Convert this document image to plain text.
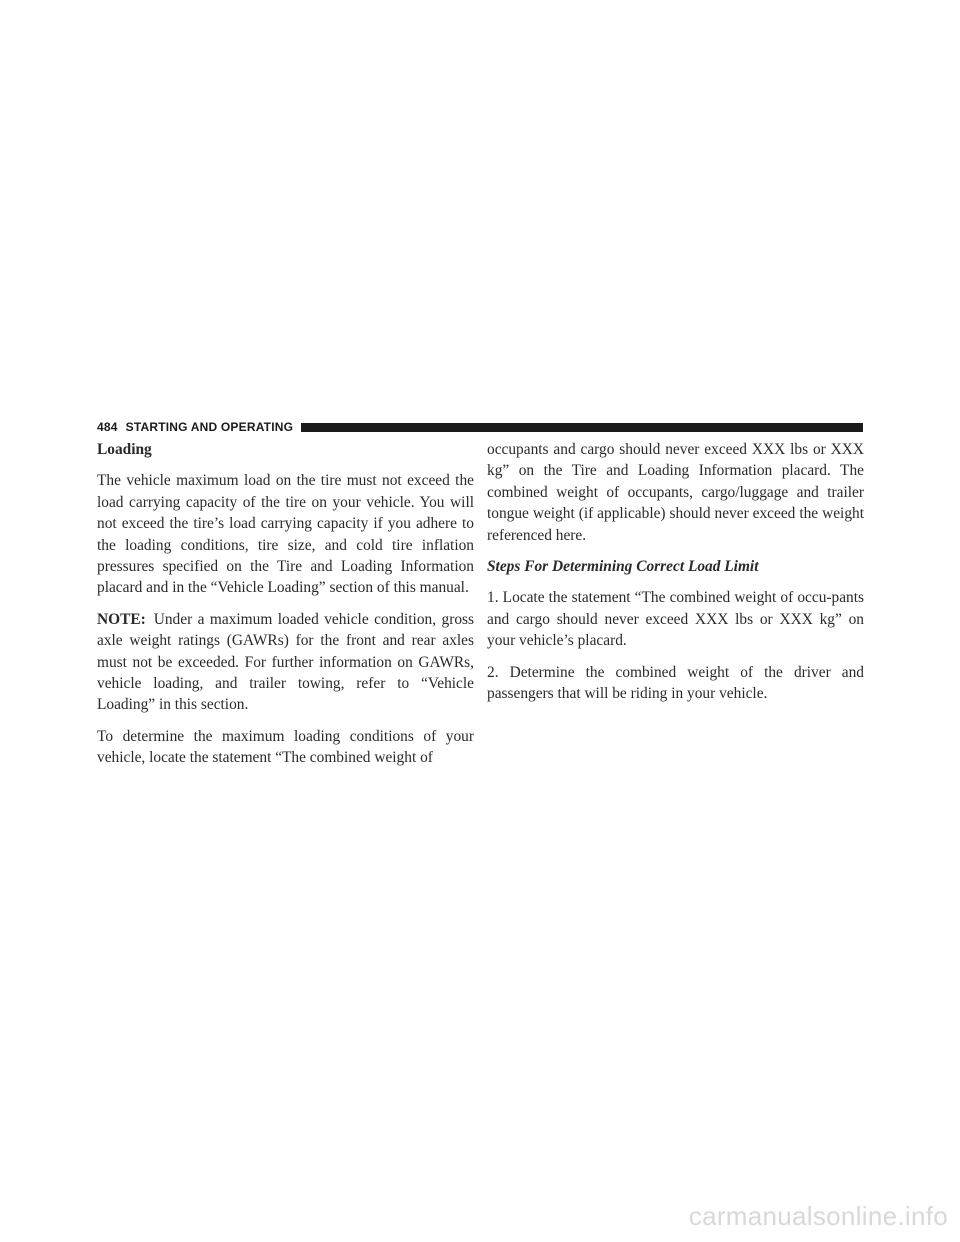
484 STARTING AND OPERATING

Loading

The vehicle maximum load on the tire must not exceed the load carrying capacity of the tire on your vehicle. You will not exceed the tire’s load carrying capacity if you adhere to the loading conditions, tire size, and cold tire inflation pressures specified on the Tire and Loading Information placard and in the “Vehicle Loading” section of this manual.

NOTE: Under a maximum loaded vehicle condition, gross axle weight ratings (GAWRs) for the front and rear axles must not be exceeded. For further information on GAWRs, vehicle loading, and trailer towing, refer to “Vehicle Loading” in this section.

To determine the maximum loading conditions of your vehicle, locate the statement “The combined weight of

occupants and cargo should never exceed XXX lbs or XXX kg” on the Tire and Loading Information placard. The combined weight of occupants, cargo/luggage and trailer tongue weight (if applicable) should never exceed the weight referenced here.

Steps For Determining Correct Load Limit

1. Locate the statement “The combined weight of occu-pants and cargo should never exceed XXX lbs or XXX kg” on your vehicle’s placard.

2. Determine the combined weight of the driver and passengers that will be riding in your vehicle.

carmanualsonline.info
